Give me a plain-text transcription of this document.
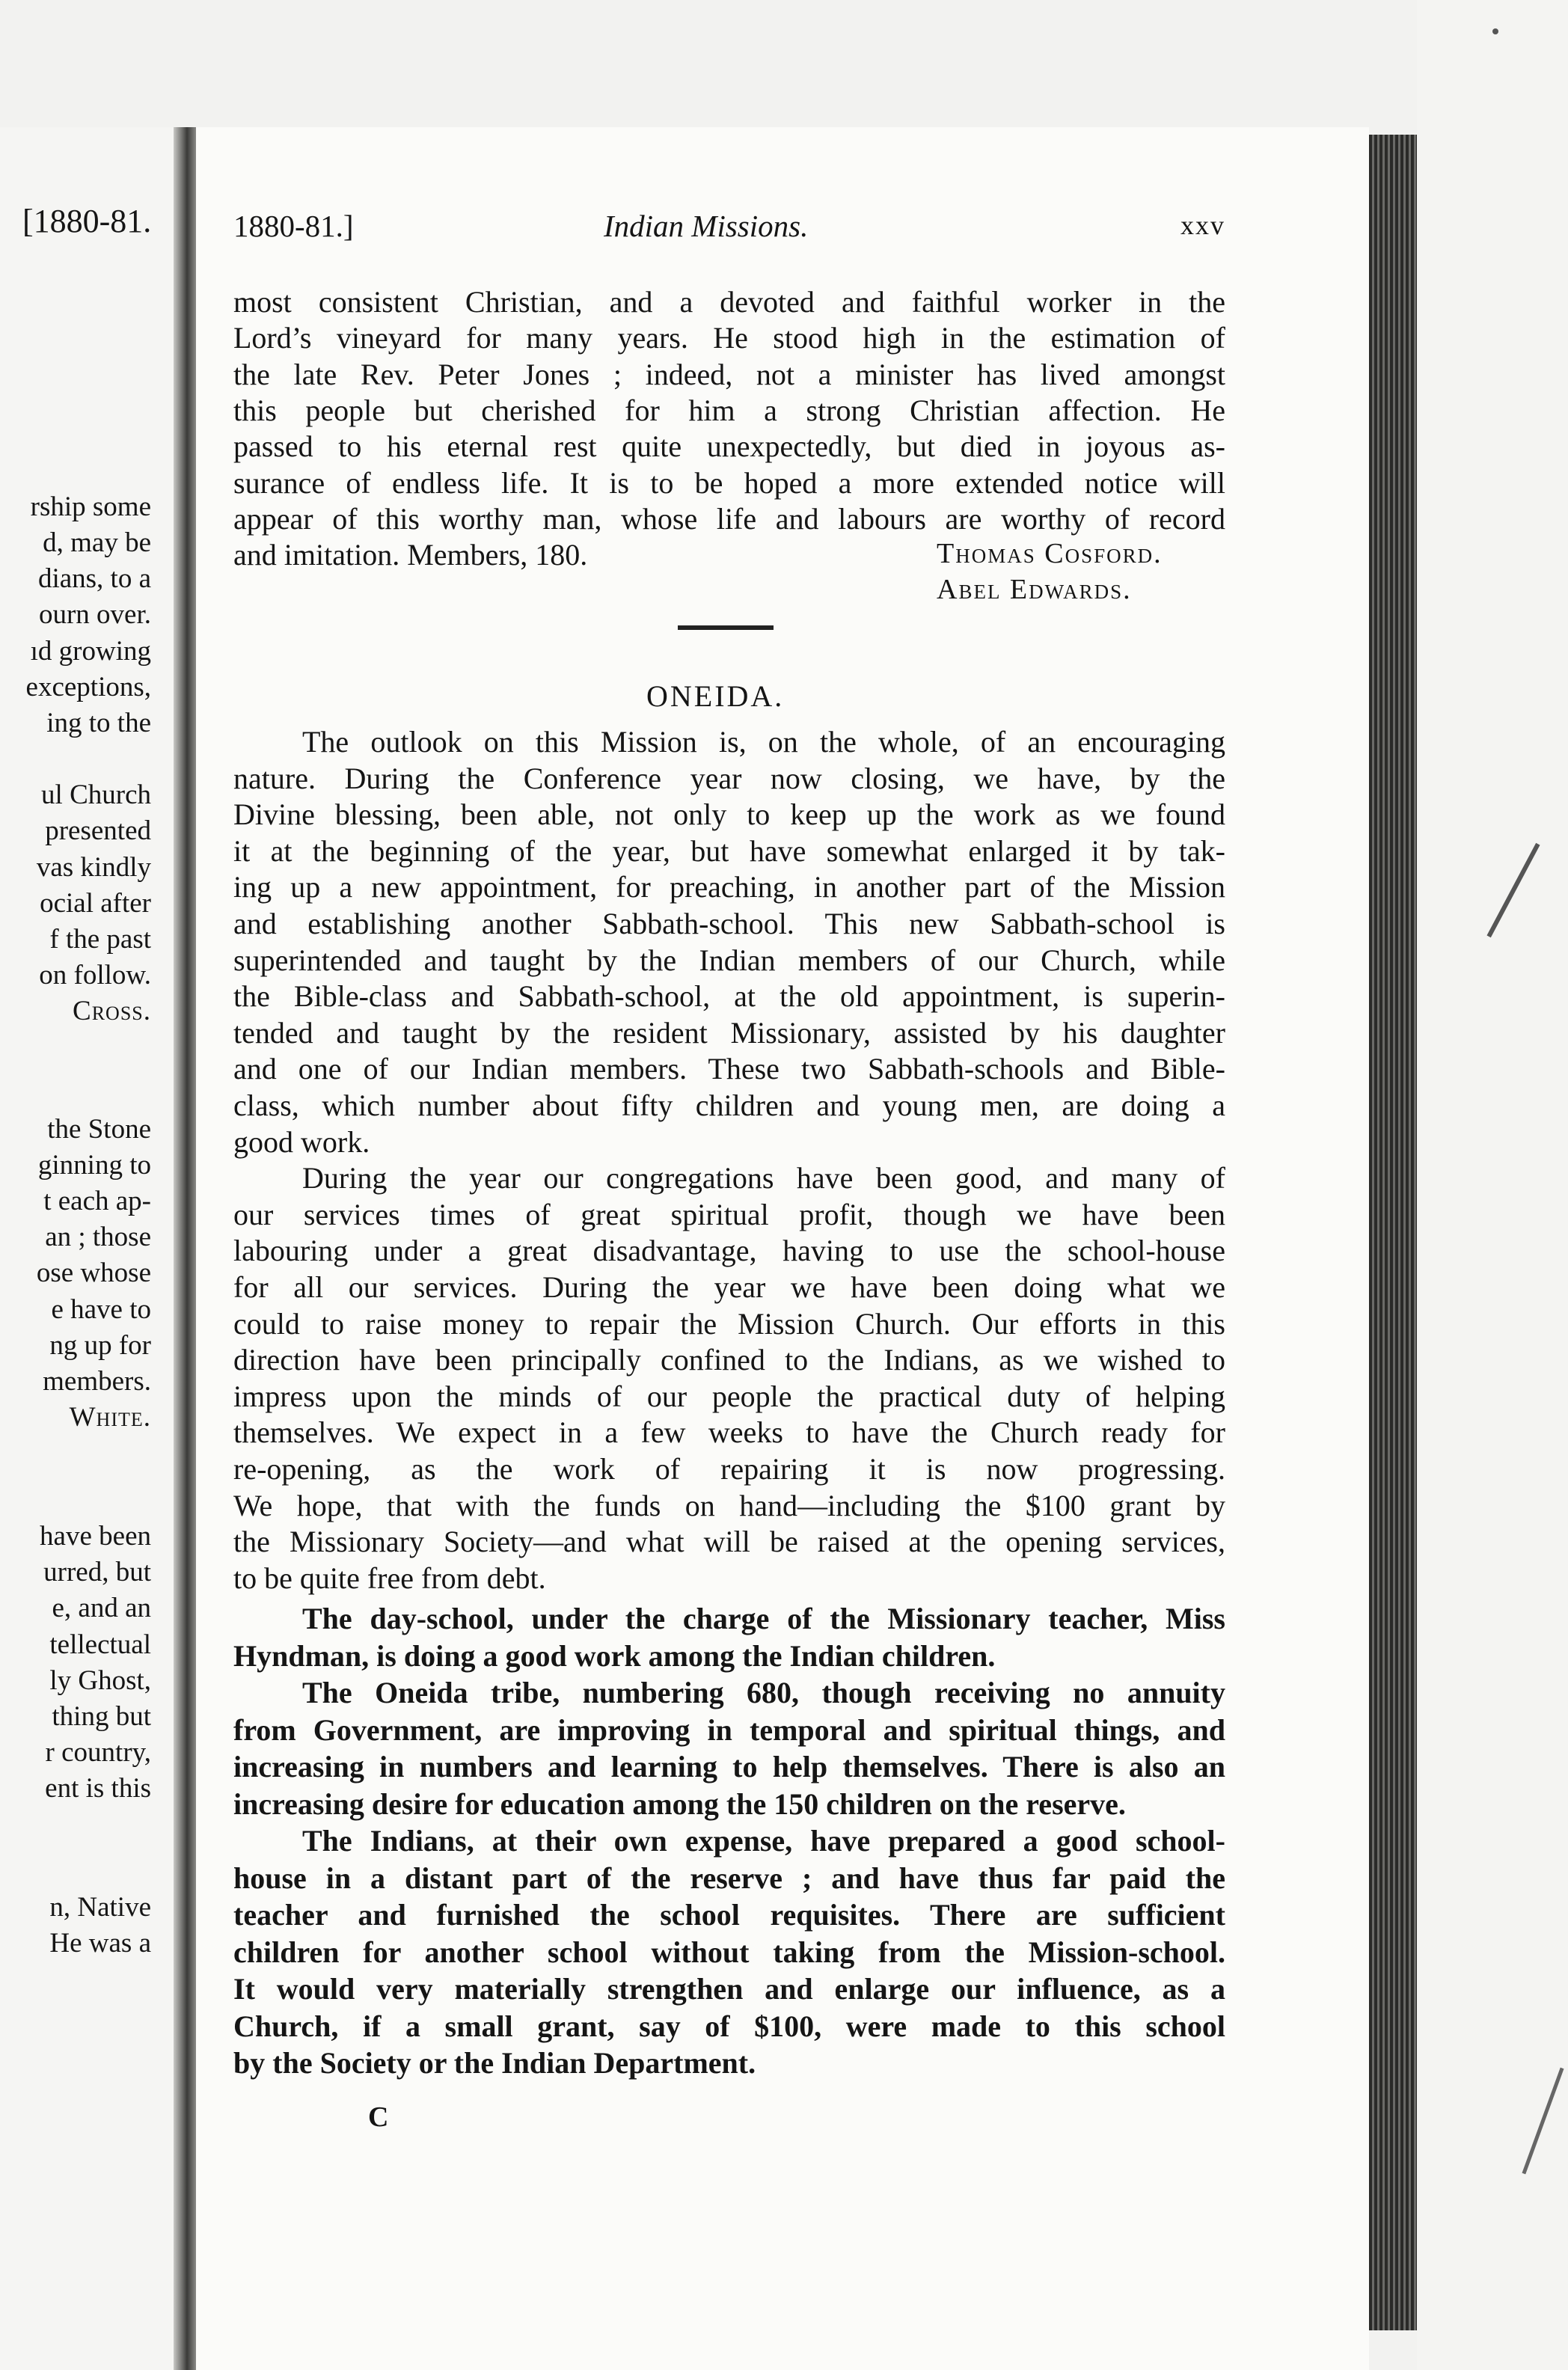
[1880-81.
rship some
d, may be
dians, to a
ourn over.
ıd growing
exceptions,
ing to the
ul Church
presented
vas kindly
ocial after
f the past
on follow.
Cross.
the Stone
ginning to
t each ap-
an ; those
ose whose
e have to
ng up for
members.
White.
have been
urred, but
e, and an
tellectual
ly Ghost,
thing but
r country,
ent is this
n, Native
He was a
1880-81.]	Indian Missions.	xxv
most consistent Christian, and a devoted and faithful worker in the
Lord’s vineyard for many years. He stood high in the estimation of
the late Rev. Peter Jones ; indeed, not a minister has lived amongst
this people but cherished for him a strong Christian affection. He
passed to his eternal rest quite unexpectedly, but died in joyous as-
surance of endless life. It is to be hoped a more extended notice will
appear of this worthy man, whose life and labours are worthy of record
and imitation. Members, 180.	Thomas Cosford.
Abel Edwards.
ONEIDA.
The outlook on this Mission is, on the whole, of an encouraging
nature. During the Conference year now closing, we have, by the
Divine blessing, been able, not only to keep up the work as we found
it at the beginning of the year, but have somewhat enlarged it by tak-
ing up a new appointment, for preaching, in another part of the Mission
and establishing another Sabbath-school. This new Sabbath-school is
superintended and taught by the Indian members of our Church, while
the Bible-class and Sabbath-school, at the old appointment, is superin-
tended and taught by the resident Missionary, assisted by his daughter
and one of our Indian members. These two Sabbath-schools and Bible-
class, which number about fifty children and young men, are doing a
good work.
During the year our congregations have been good, and many of
our services times of great spiritual profit, though we have been
labouring under a great disadvantage, having to use the school-house
for all our services. During the year we have been doing what we
could to raise money to repair the Mission Church. Our efforts in this
direction have been principally confined to the Indians, as we wished to
impress upon the minds of our people the practical duty of helping
themselves. We expect in a few weeks to have the Church ready for
re-opening, as the work of repairing it is now progressing.
We hope, that with the funds on hand—including the $100 grant by
the Missionary Society—and what will be raised at the opening services,
to be quite free from debt.
The day-school, under the charge of the Missionary teacher, Miss
Hyndman, is doing a good work among the Indian children.
The Oneida tribe, numbering 680, though receiving no annuity
from Government, are improving in temporal and spiritual things, and
increasing in numbers and learning to help themselves. There is also an
increasing desire for education among the 150 children on the reserve.
The Indians, at their own expense, have prepared a good school-
house in a distant part of the reserve ; and have thus far paid the
teacher and furnished the school requisites. There are sufficient
children for another school without taking from the Mission-school.
It would very materially strengthen and enlarge our influence, as a
Church, if a small grant, say of $100, were made to this school
by the Society or the Indian Department.
C
